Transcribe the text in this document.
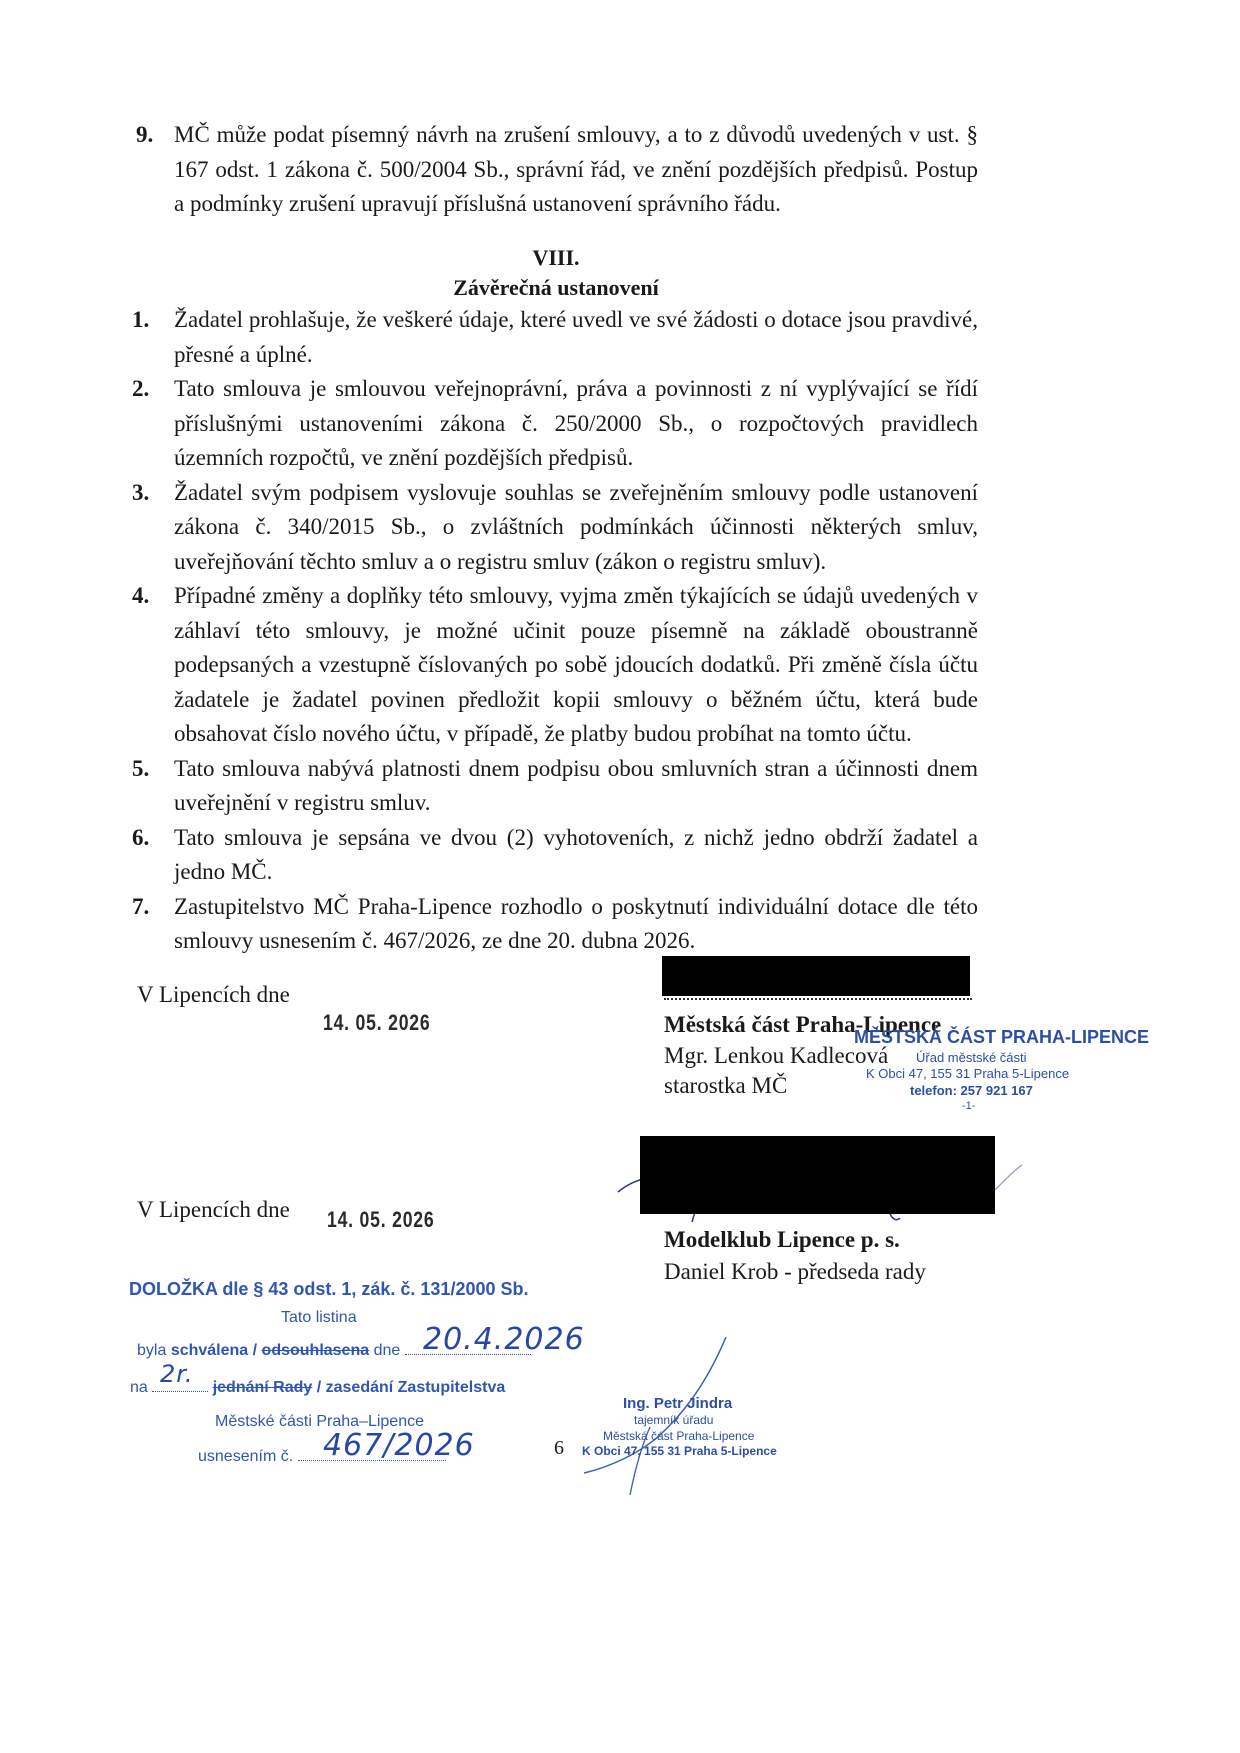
9. MČ může podat písemný návrh na zrušení smlouvy, a to z důvodů uvedených v ust. § 167 odst. 1 zákona č. 500/2004 Sb., správní řád, ve znění pozdějších předpisů. Postup a podmínky zrušení upravují příslušná ustanovení správního řádu.
VIII.
Závěrečná ustanovení
1. Žadatel prohlašuje, že veškeré údaje, které uvedl ve své žádosti o dotace jsou pravdivé, přesné a úplné.
2. Tato smlouva je smlouvou veřejnoprávní, práva a povinnosti z ní vyplývající se řídí příslušnými ustanoveními zákona č. 250/2000 Sb., o rozpočtových pravidlech územních rozpočtů, ve znění pozdějších předpisů.
3. Žadatel svým podpisem vyslovuje souhlas se zveřejněním smlouvy podle ustanovení zákona č. 340/2015 Sb., o zvláštních podmínkách účinnosti některých smluv, uveřejňování těchto smluv a o registru smluv (zákon o registru smluv).
4. Případné změny a doplňky této smlouvy, vyjma změn týkajících se údajů uvedených v záhlaví této smlouvy, je možné učinit pouze písemně na základě oboustranně podepsaných a vzestupně číslovaných po sobě jdoucích dodatků. Při změně čísla účtu žadatele je žadatel povinen předložit kopii smlouvy o běžném účtu, která bude obsahovat číslo nového účtu, v případě, že platby budou probíhat na tomto účtu.
5. Tato smlouva nabývá platnosti dnem podpisu obou smluvních stran a účinnosti dnem uveřejnění v registru smluv.
6. Tato smlouva je sepsána ve dvou (2) vyhotoveních, z nichž jedno obdrží žadatel a jedno MČ.
7. Zastupitelstvo MČ Praha-Lipence rozhodlo o poskytnutí individuální dotace dle této smlouvy usnesením č. 467/2026, ze dne 20. dubna 2026.
V Lipencích dne
14. 05. 2026	Městská část Praha-Lipence
Mgr. Lenkou Kadlecová
starostka MČ
MĚSTSKÁ ČÁST PRAHA-LIPENCE
Úřad městské části
K Obci 47, 155 31 Praha 5-Lipence
telefon: 257 921 167
-1-
V Lipencích dne 14. 05. 2026
Modelklub Lipence p. s.
Daniel Krob - předseda rady
DOLOŽKA dle § 43 odst. 1, zák. č. 131/2000 Sb.
Tato listina
byla schválena / odsouhlasena dne 20.4.2026
na	jednání Rady / zasedání Zastupitelstva
2r.
Městské části Praha–Lipence
usnesením č. 467/2026
Ing. Petr Jindra
tajemník úřadu
Městská část Praha-Lipence
K Obci 47, 155 31 Praha 5-Lipence
6
